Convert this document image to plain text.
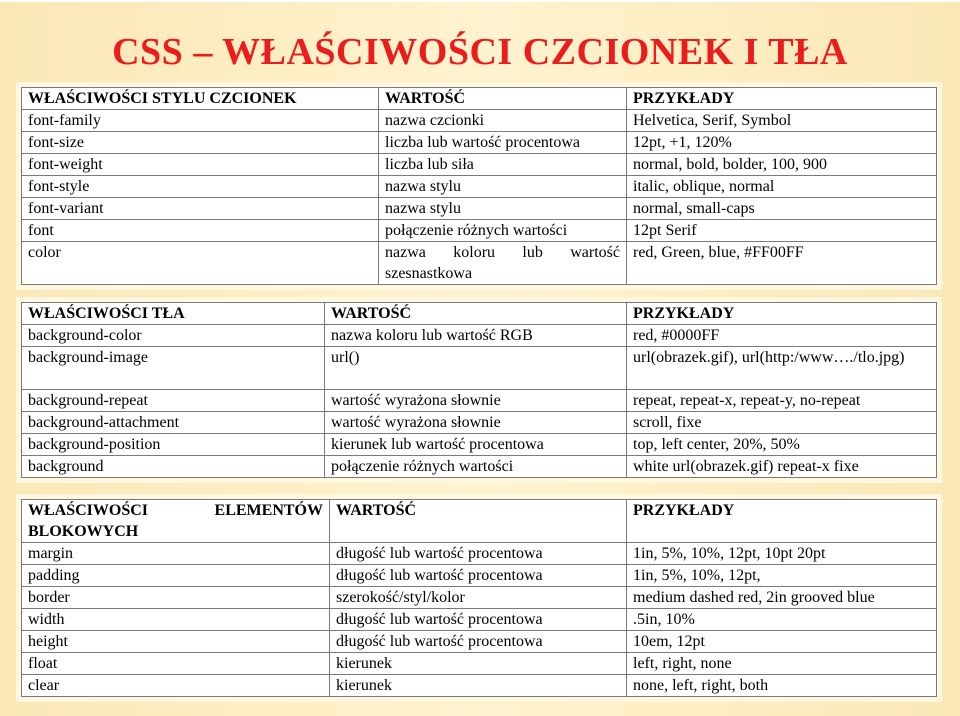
CSS – WŁAŚCIWOŚCI CZCIONEK I TŁA
WŁAŚCIWOŚCI STYLU CZCIONEK	WARTOŚĆ	PRZYKŁADY
font-family	nazwa czcionki	Helvetica, Serif, Symbol
font-size	liczba lub wartość procentowa	12pt, +1, 120%
font-weight	liczba lub siła	normal, bold, bolder, 100, 900
font-style	nazwa stylu	italic, oblique, normal
font-variant	nazwa stylu	normal, small-caps
font	połączenie różnych wartości	12pt Serif
color	nazwa koloru lub wartość szesnastkowa	red, Green, blue, #FF00FF
WŁAŚCIWOŚCI TŁA	WARTOŚĆ	PRZYKŁADY
background-color	nazwa koloru lub wartość RGB	red, #0000FF
background-image	url()	url(obrazek.gif), url(http:/www…./tlo.jpg)
background-repeat	wartość wyrażona słownie	repeat, repeat-x, repeat-y, no-repeat
background-attachment	wartość wyrażona słownie	scroll, fixe
background-position	kierunek lub wartość procentowa	top, left center, 20%, 50%
background	połączenie różnych wartości	white url(obrazek.gif) repeat-x fixe
WŁAŚCIWOŚCI ELEMENTÓW
BLOKOWYCH	WARTOŚĆ	PRZYKŁADY
margin	długość lub wartość procentowa	1in, 5%, 10%, 12pt, 10pt 20pt
padding	długość lub wartość procentowa	1in, 5%, 10%, 12pt,
border	szerokość/styl/kolor	medium dashed red, 2in grooved blue
width	długość lub wartość procentowa	.5in, 10%
height	długość lub wartość procentowa	10em, 12pt
float	kierunek	left, right, none
clear	kierunek	none, left, right, both
